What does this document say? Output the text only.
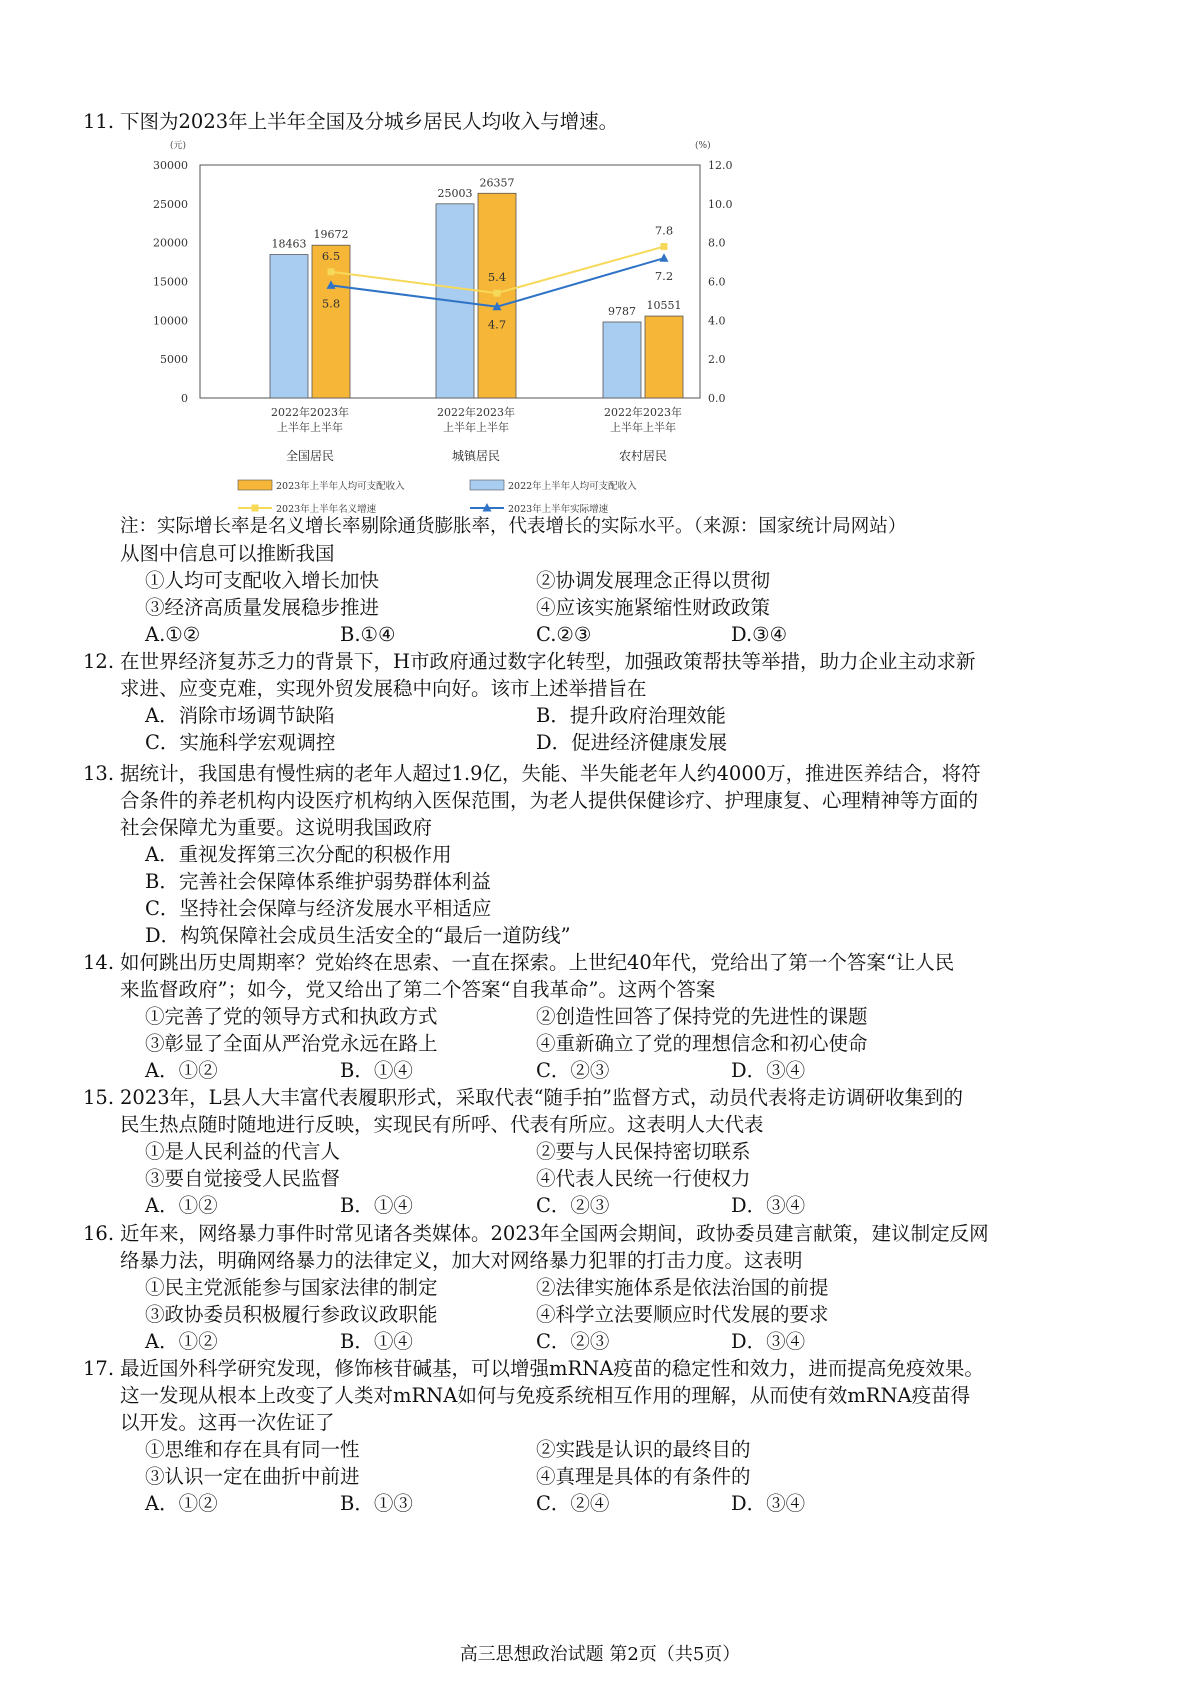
11. 下图为2023年上半年全国及分城乡居民人均收入与增速。
(元)	(%)
30000
25000
20000
15000
10000
5000
0
12.0
10.0
8.0
6.0
4.0
2.0
0.0
18463
25003
9787
19672
26357
10551
6.5
5.4
7.8
5.8
4.7
7.2
2022年2023年
上半年上半年
全国居民
2022年2023年
上半年上半年
城镇居民
2022年2023年
上半年上半年
农村居民
2023年上半年人均可支配收入	2022年上半年人均可支配收入
2023年上半年名义增速	2023年上半年实际增速
注：实际增长率是名义增长率剔除通货膨胀率，代表增长的实际水平。（来源：国家统计局网站）
从图中信息可以推断我国
①人均可支配收入增长加快	②协调发展理念正得以贯彻
③经济高质量发展稳步推进	④应该实施紧缩性财政政策
A.①②	B.①④	C.②③	D.③④
12. 在世界经济复苏乏力的背景下，H市政府通过数字化转型，加强政策帮扶等举措，助力企业主动求新
求进、应变克难，实现外贸发展稳中向好。该市上述举措旨在
A．消除市场调节缺陷	B．提升政府治理效能
C．实施科学宏观调控	D．促进经济健康发展
13. 据统计，我国患有慢性病的老年人超过1.9亿，失能、半失能老年人约4000万，推进医养结合，将符
合条件的养老机构内设医疗机构纳入医保范围，为老人提供保健诊疗、护理康复、心理精神等方面的
社会保障尤为重要。这说明我国政府
A．重视发挥第三次分配的积极作用
B．完善社会保障体系维护弱势群体利益
C．坚持社会保障与经济发展水平相适应
D．构筑保障社会成员生活安全的“最后一道防线”
14. 如何跳出历史周期率？党始终在思索、一直在探索。上世纪40年代，党给出了第一个答案“让人民
来监督政府”；如今，党又给出了第二个答案“自我革命”。这两个答案
①完善了党的领导方式和执政方式	②创造性回答了保持党的先进性的课题
③彰显了全面从严治党永远在路上	④重新确立了党的理想信念和初心使命
A．①②	B．①④	C．②③	D．③④
15. 2023年，L县人大丰富代表履职形式，采取代表“随手拍”监督方式，动员代表将走访调研收集到的
民生热点随时随地进行反映，实现民有所呼、代表有所应。这表明人大代表
①是人民利益的代言人	②要与人民保持密切联系
③要自觉接受人民监督	④代表人民统一行使权力
A．①②	B．①④	C．②③	D．③④
16. 近年来，网络暴力事件时常见诸各类媒体。2023年全国两会期间，政协委员建言献策，建议制定反网
络暴力法，明确网络暴力的法律定义，加大对网络暴力犯罪的打击力度。这表明
①民主党派能参与国家法律的制定	②法律实施体系是依法治国的前提
③政协委员积极履行参政议政职能	④科学立法要顺应时代发展的要求
A．①②	B．①④	C．②③	D．③④
17. 最近国外科学研究发现，修饰核苷碱基，可以增强mRNA疫苗的稳定性和效力，进而提高免疫效果。
这一发现从根本上改变了人类对mRNA如何与免疫系统相互作用的理解，从而使有效mRNA疫苗得
以开发。这再一次佐证了
①思维和存在具有同一性	②实践是认识的最终目的
③认识一定在曲折中前进	④真理是具体的有条件的
A．①②	B．①③	C．②④	D．③④
高三思想政治试题 第2页（共5页）
